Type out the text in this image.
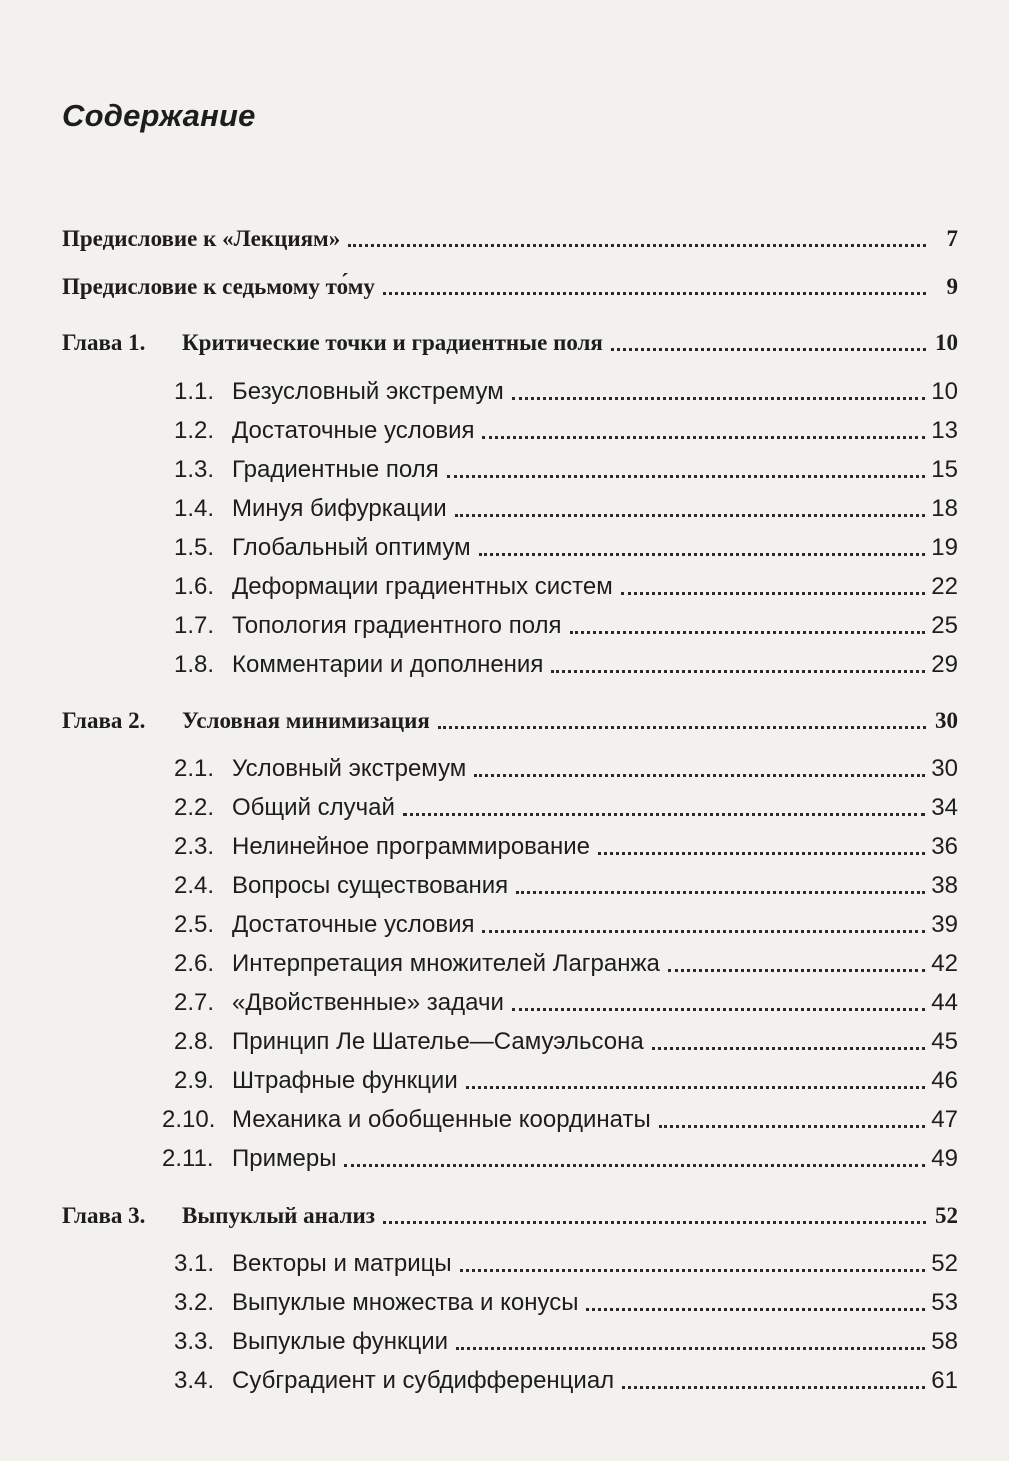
Содержание
Предисловие к «Лекциям»	7
Предисловие к седьмому то́му	9
Глава 1.	Критические точки и градиентные поля	10
1.1. Безусловный экстремум	10
1.2. Достаточные условия	13
1.3. Градиентные поля	15
1.4. Минуя бифуркации	18
1.5. Глобальный оптимум	19
1.6. Деформации градиентных систем	22
1.7. Топология градиентного поля	25
1.8. Комментарии и дополнения	29
Глава 2.	Условная минимизация	30
2.1. Условный экстремум	30
2.2. Общий случай	34
2.3. Нелинейное программирование	36
2.4. Вопросы существования	38
2.5. Достаточные условия	39
2.6. Интерпретация множителей Лагранжа	42
2.7. «Двойственные» задачи	44
2.8. Принцип Ле Шателье—Самуэльсона	45
2.9. Штрафные функции	46
2.10. Механика и обобщенные координаты	47
2.11. Примеры	49
Глава 3.	Выпуклый анализ	52
3.1. Векторы и матрицы	52
3.2. Выпуклые множества и конусы	53
3.3. Выпуклые функции	58
3.4. Субградиент и субдифференциал	61
